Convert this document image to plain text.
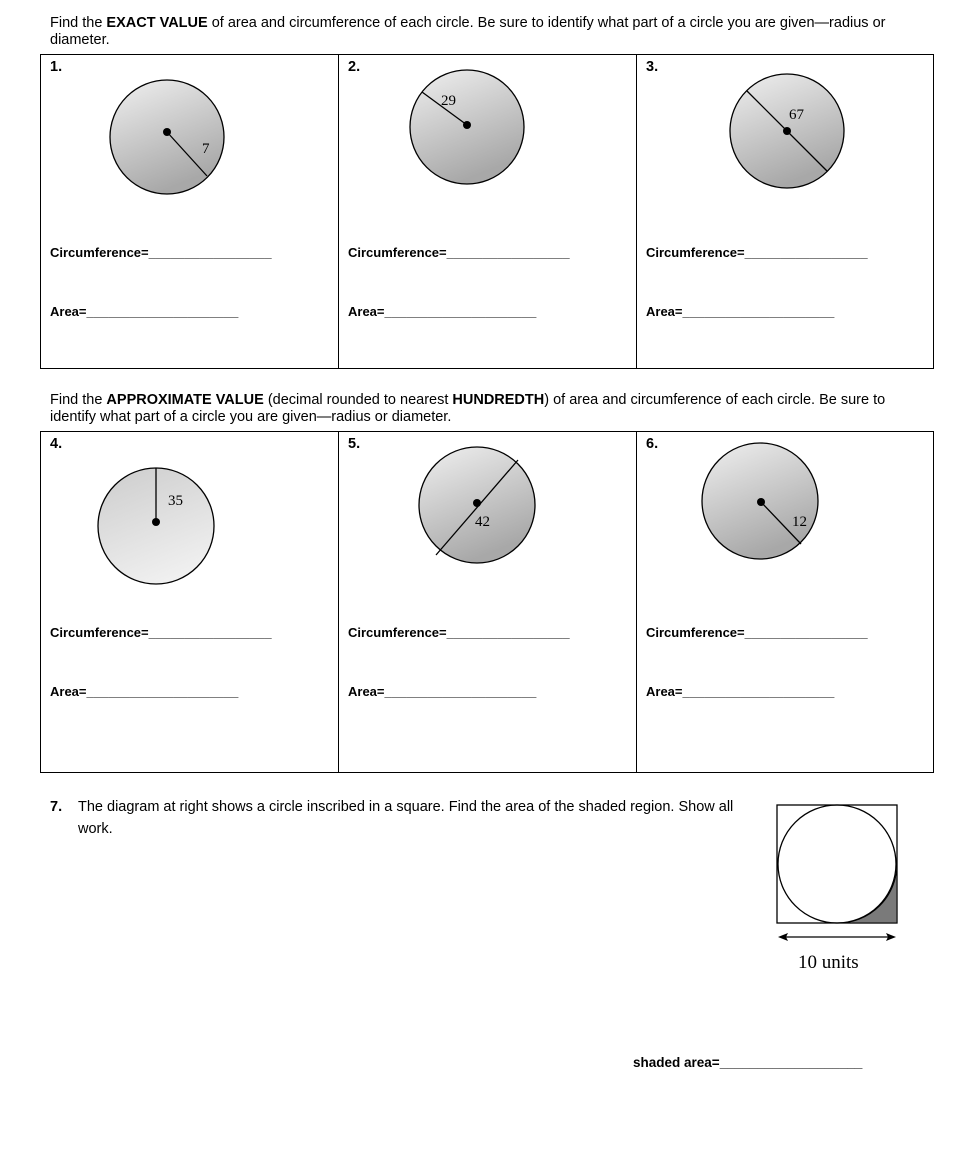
Find the EXACT VALUE of area and circumference of each circle. Be sure to identify what part of a circle you are given—radius or diameter.

1.
7
Circumference=_________________
Area=_____________________
2.
29
Circumference=_________________
Area=_____________________
3.
67
Circumference=_________________
Area=_____________________

Find the APPROXIMATE VALUE (decimal rounded to nearest HUNDREDTH) of area and circumference of each circle. Be sure to identify what part of a circle you are given—radius or diameter.

4.
35
Circumference=_________________
Area=_____________________
5.
42
Circumference=_________________
Area=_____________________
6.
12
Circumference=_________________
Area=_____________________
7. The diagram at right shows a circle inscribed in a square. Find the area of the shaded region. Show all work.
10 units
shaded area=___________________
